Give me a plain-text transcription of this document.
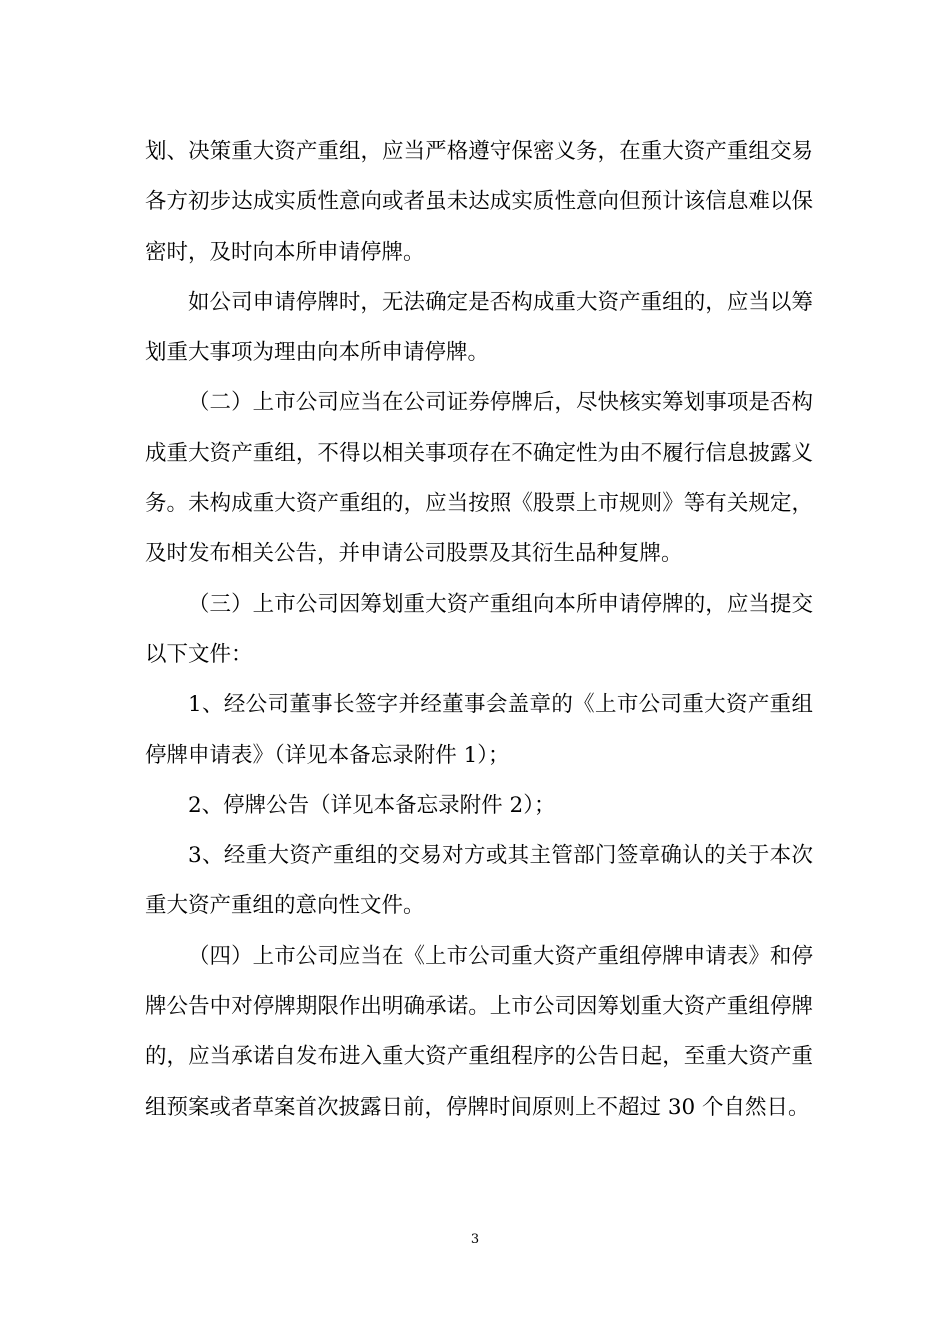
划、决策重大资产重组，应当严格遵守保密义务，在重大资产重组交易各方初步达成实质性意向或者虽未达成实质性意向但预计该信息难以保密时，及时向本所申请停牌。

如公司申请停牌时，无法确定是否构成重大资产重组的，应当以筹划重大事项为理由向本所申请停牌。

（二）上市公司应当在公司证券停牌后，尽快核实筹划事项是否构成重大资产重组，不得以相关事项存在不确定性为由不履行信息披露义务。未构成重大资产重组的，应当按照《股票上市规则》等有关规定，及时发布相关公告，并申请公司股票及其衍生品种复牌。

（三）上市公司因筹划重大资产重组向本所申请停牌的，应当提交以下文件：

1、经公司董事长签字并经董事会盖章的《上市公司重大资产重组停牌申请表》（详见本备忘录附件 1）；

2、停牌公告（详见本备忘录附件 2）；

3、经重大资产重组的交易对方或其主管部门签章确认的关于本次重大资产重组的意向性文件。

（四）上市公司应当在《上市公司重大资产重组停牌申请表》和停牌公告中对停牌期限作出明确承诺。上市公司因筹划重大资产重组停牌的，应当承诺自发布进入重大资产重组程序的公告日起，至重大资产重组预案或者草案首次披露日前，停牌时间原则上不超过 30 个自然日。

3
